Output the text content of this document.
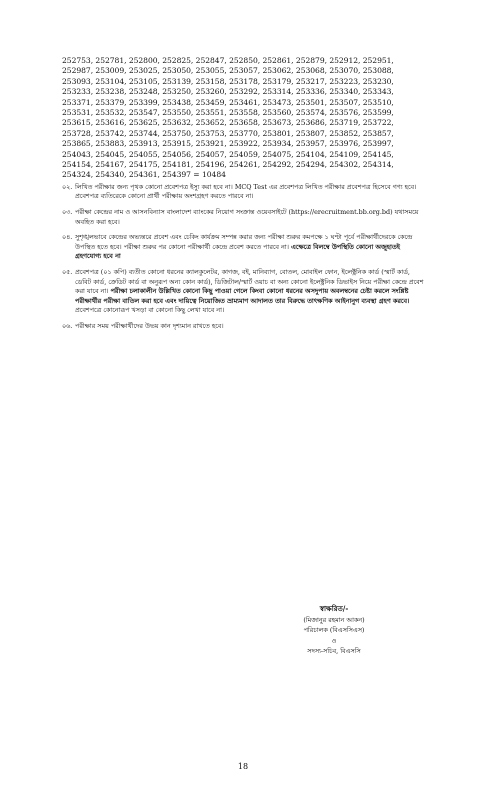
252753, 252781, 252800, 252825, 252847, 252850, 252861, 252879, 252912, 252951,
252987, 253009, 253025, 253050, 253055, 253057, 253062, 253068, 253070, 253088,
253093, 253104, 253105, 253139, 253158, 253178, 253179, 253217, 253223, 253230,
253233, 253238, 253248, 253250, 253260, 253292, 253314, 253336, 253340, 253343,
253371, 253379, 253399, 253438, 253459, 253461, 253473, 253501, 253507, 253510,
253531, 253532, 253547, 253550, 253551, 253558, 253560, 253574, 253576, 253599,
253615, 253616, 253625, 253632, 253652, 253658, 253673, 253686, 253719, 253722,
253728, 253742, 253744, 253750, 253753, 253770, 253801, 253807, 253852, 253857,
253865, 253883, 253913, 253915, 253921, 253922, 253934, 253957, 253976, 253997,
254043, 254045, 254055, 254056, 254057, 254059, 254075, 254104, 254109, 254145,
254154, 254167, 254175, 254181, 254196, 254261, 254292, 254294, 254302, 254314,
254324, 254340, 254361, 254397 = 10484
০২. লিখিত পরীক্ষার জন্য পৃথক কোনো প্রবেশপত্র ইস্যু করা হবে না। MCQ Test এর প্রবেশপত্র লিখিত পরীক্ষার প্রবেশপত্র হিসেবে গণ্য হবে। প্রবেশপত্র ব্যতিরেকে কোনো প্রার্থী পরীক্ষায় অংশগ্রহণ করতে পারবে না।

০৩. পরীক্ষা কেন্দ্রের নাম ও আসনবিন্যাস বাংলাদেশ ব্যাংকের নিয়োগ সংক্রান্ত ওয়েবসাইটে (https://erecruitment.bb.org.bd) যথাসময়ে অবহিত করা হবে।

০৪. সুশৃঙ্খলভাবে কেন্দ্রের অভ্যন্তরে প্রবেশ এবং চেকিং কার্যক্রম সম্পন্ন করার জন্য পরীক্ষা শুরুর কমপক্ষে ১ ঘণ্টা পূর্বে পরীক্ষার্থীদেরকে কেন্দ্রে উপস্থিত হতে হবে। পরীক্ষা শুরুর পর কোনো পরীক্ষার্থী কেন্দ্রে প্রবেশ করতে পারবে না। এক্ষেত্রে বিলম্বে উপস্থিতি কোনো অজুহাতই গ্রহণযোগ্য হবে না

০৫. প্রবেশপত্র (০১ কপি) ব্যতীত কোনো ধরনের ক্যালকুলেটর, কাগজ, বই, মানিব্যাগ, বোতল, মোবাইল ফোন, ইলেক্ট্রনিক কার্ড (স্মার্ট কার্ড, ডেবিট কার্ড, ক্রেডিট কার্ড বা অনুরূপ অন্য কোন কার্ড), ডিজিটাল/স্মার্ট ওয়াচ বা অন্য কোনো ইলেক্ট্রনিক ডিভাইস নিয়ে পরীক্ষা কেন্দ্রে প্রবেশ করা যাবে না। পরীক্ষা চলাকালীন উল্লিখিত কোনো কিছু পাওয়া গেলে কিংবা কোনো ধরনের অসদুপায় অবলম্বনের চেষ্টা করলে সংশ্লিষ্ট পরীক্ষার্থীর পরীক্ষা বাতিল করা হবে এবং দায়িত্বে নিয়োজিত ভ্রাম্যমাণ আদালত তার বিরুদ্ধে তাৎক্ষণিক আইনানুগ ব্যবস্থা গ্রহণ করবে। প্রবেশপত্রে কোনোরূপ খসড়া বা কোনো কিছু লেখা যাবে না।

০৬. পরীক্ষার সময় পরীক্ষার্থীদের উভয় কান দৃশ্যমান রাখতে হবে।

স্বাক্ষরিত/-
(মিজানুর রহমান আকন)
পরিচালক (বিএসসিএস)
ও
সদস্য-সচিব, বিএসসি
18
